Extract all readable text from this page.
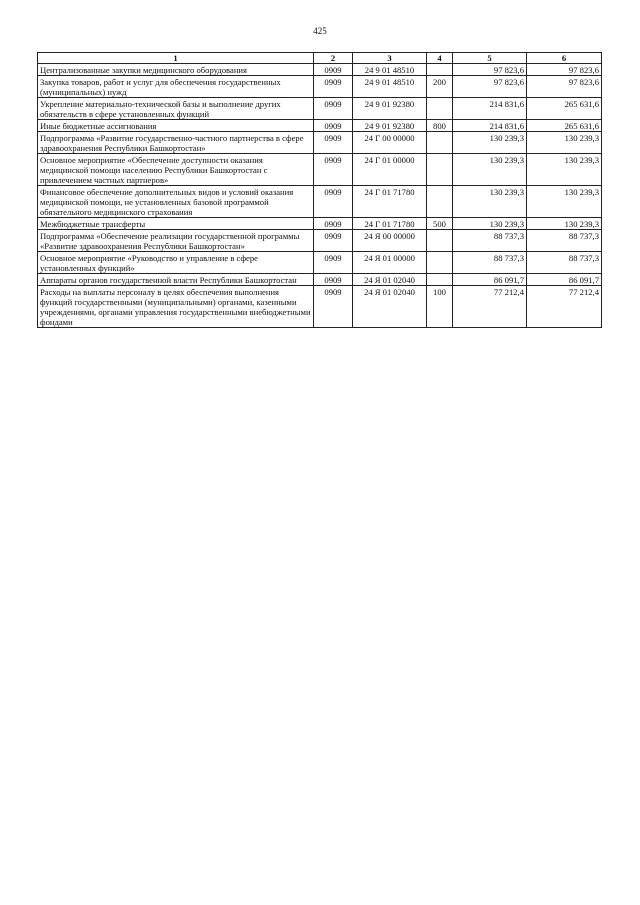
425
1	2	3	4	5	6
Централизованные закупки медицинского оборудования	0909	24 9 01 48510		97 823,6	97 823,6
Закупка товаров, работ и услуг для обеспечения государственных (муниципальных) нужд	0909	24 9 01 48510	200	97 823,6	97 823,6
Укрепление материально-технической базы и выполнение других обязательств в сфере установленных функций	0909	24 9 01 92380		214 831,6	265 631,6
Иные бюджетные ассигнования	0909	24 9 01 92380	800	214 831,6	265 631,6
Подпрограмма «Развитие государственно-частного партнерства в сфере здравоохранения Республики Башкортостан»	0909	24 Г 00 00000		130 239,3	130 239,3
Основное мероприятие «Обеспечение доступности оказания медицинской помощи населению Республики Башкортостан с привлечением частных партнеров»	0909	24 Г 01 00000		130 239,3	130 239,3
Финансовое обеспечение дополнительных видов и условий оказания медицинской помощи, не установленных базовой программой обязательного медицинского страхования	0909	24 Г 01 71780		130 239,3	130 239,3
Межбюджетные трансферты	0909	24 Г 01 71780	500	130 239,3	130 239,3
Подпрограмма «Обеспечение реализации государственной программы «Развитие здравоохранения Республики Башкортостан»	0909	24 Я 00 00000		88 737,3	88 737,3
Основное мероприятие «Руководство и управление в сфере установленных функций»	0909	24 Я 01 00000		88 737,3	88 737,3
Аппараты органов государственной власти Республики Башкортостан	0909	24 Я 01 02040		86 091,7	86 091,7
Расходы на выплаты персоналу в целях обеспечения выполнения функций государственными (муниципальными) органами, казенными учреждениями, органами управления государственными внебюджетными фондами	0909	24 Я 01 02040	100	77 212,4	77 212,4
